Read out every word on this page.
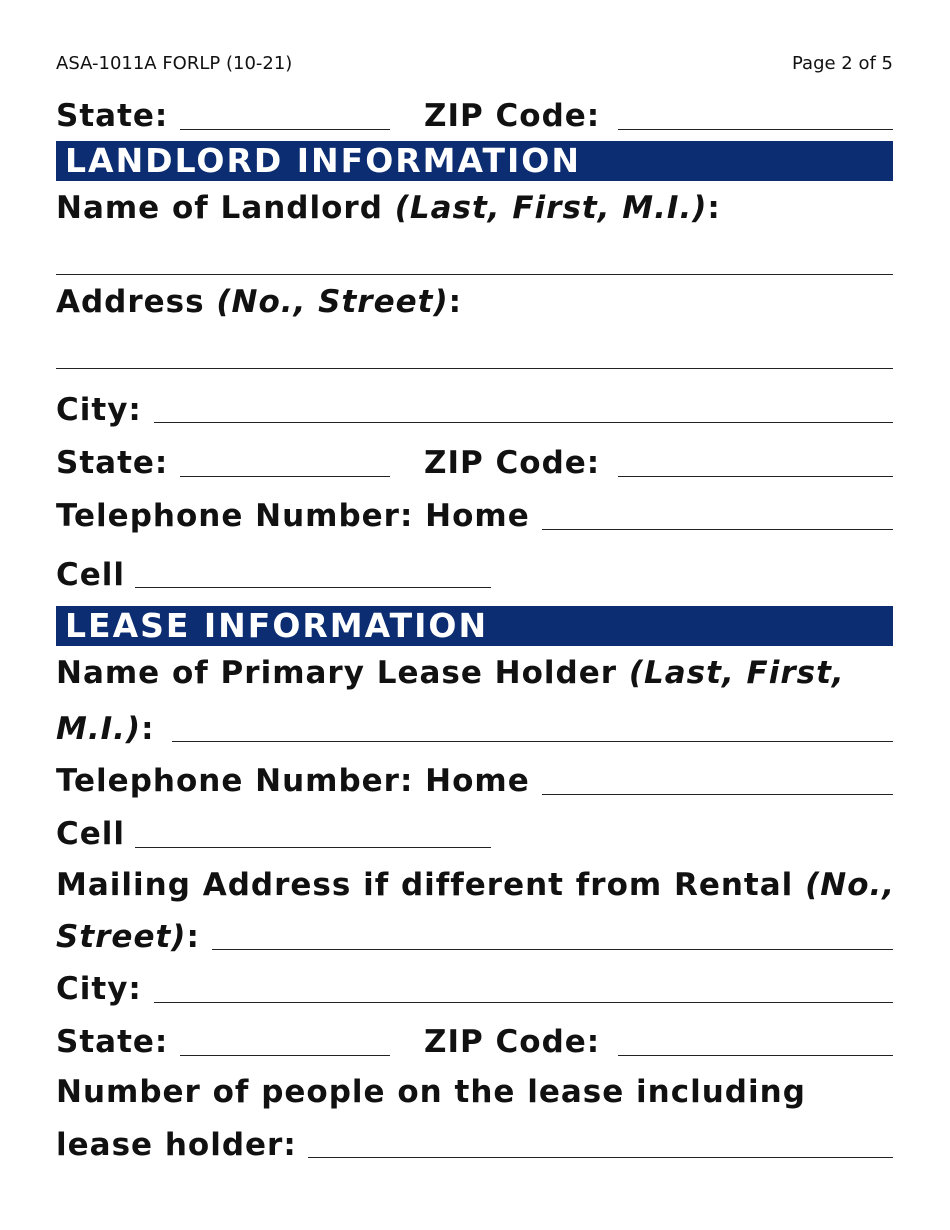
ASA-1011A FORLP (10-21)	Page 2 of 5
State:	ZIP Code:
LANDLORD INFORMATION
Name of Landlord (Last, First, M.I.):
Address (No., Street):
City:
State:	ZIP Code:
Telephone Number: Home
Cell
LEASE INFORMATION
Name of Primary Lease Holder (Last, First,
M.I.):
Telephone Number: Home
Cell
Mailing Address if different from Rental (No.,
Street):
City:
State:	ZIP Code:
Number of people on the lease including
lease holder:
